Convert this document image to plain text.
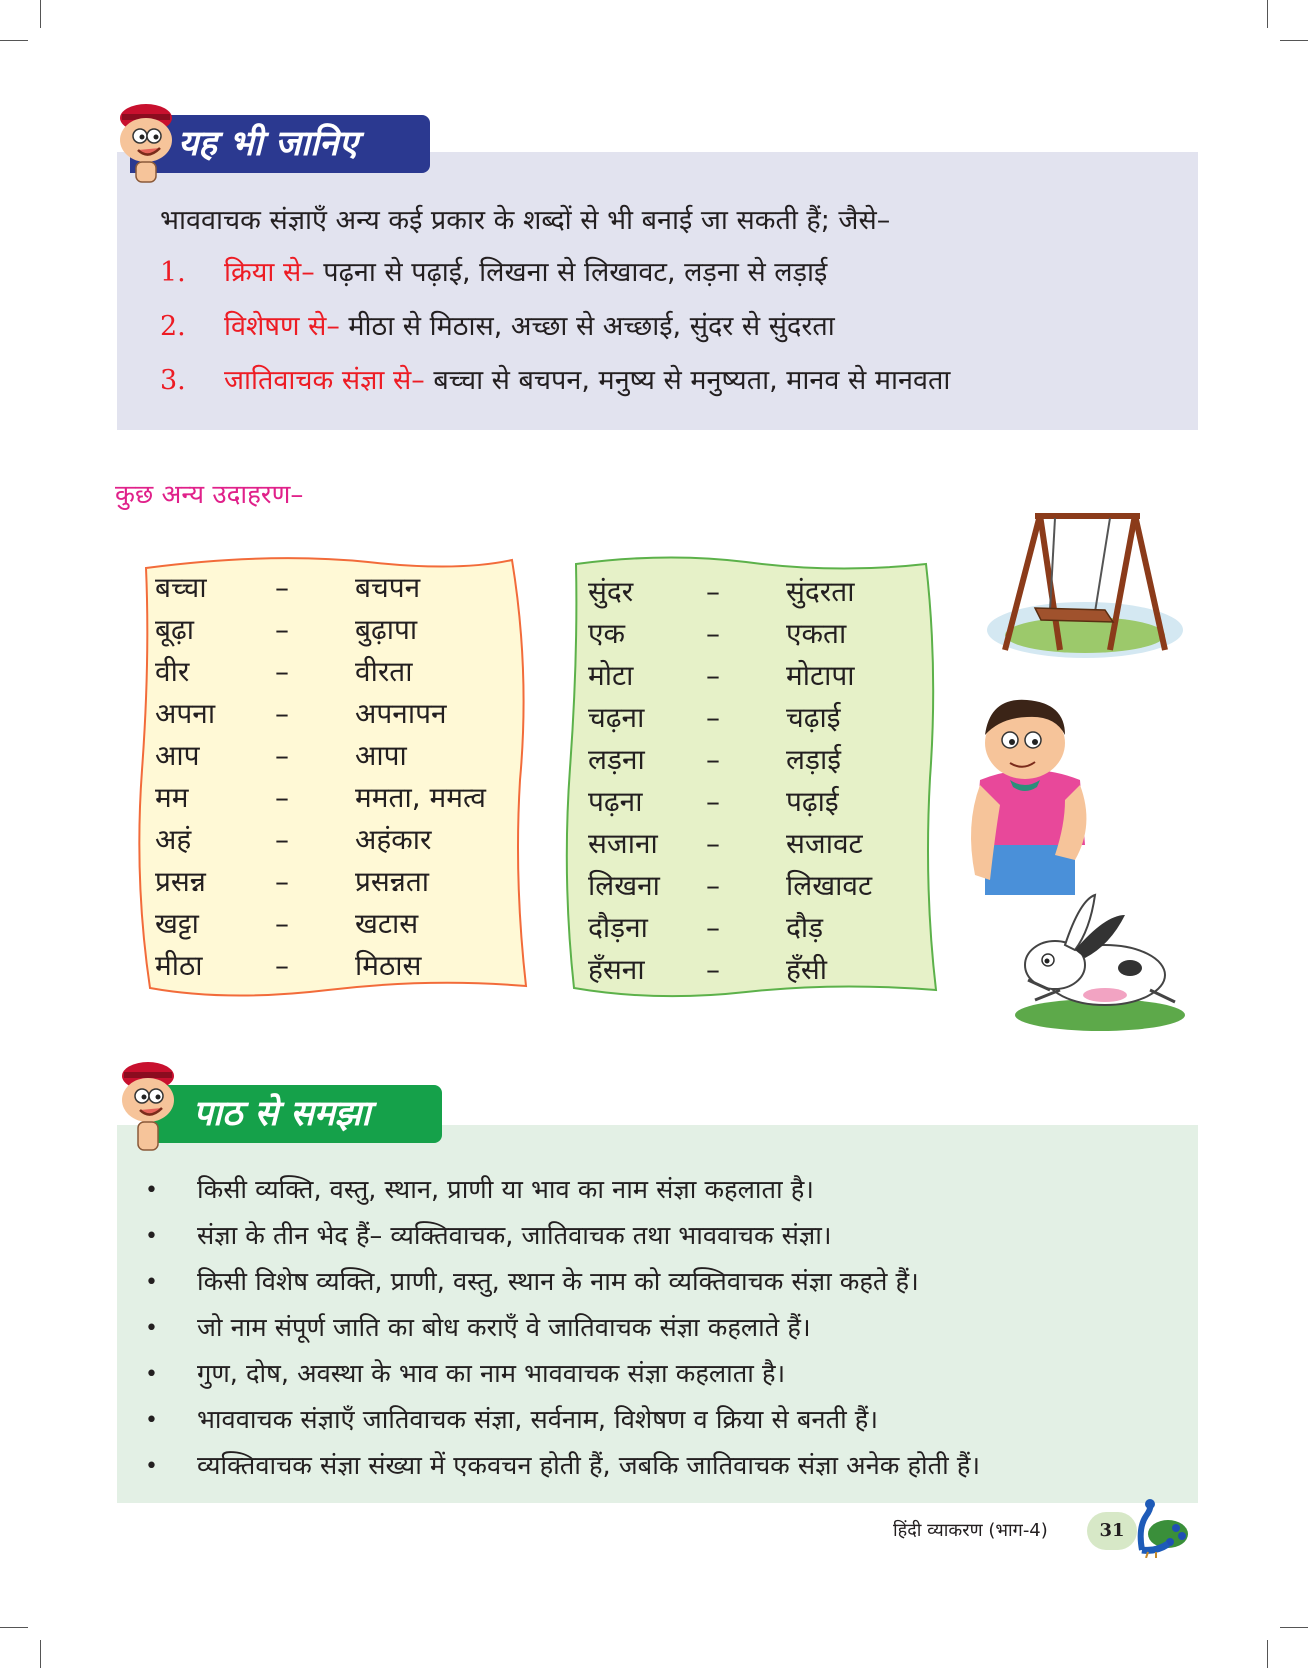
यह भी जानिए
भाववाचक संज्ञाएँ अन्य कई प्रकार के शब्दों से भी बनाई जा सकती हैं; जैसे–
1. क्रिया से– पढ़ना से पढ़ाई, लिखना से लिखावट, लड़ना से लड़ाई
2. विशेषण से– मीठा से मिठास, अच्छा से अच्छाई, सुंदर से सुंदरता
3. जातिवाचक संज्ञा से– बच्चा से बचपन, मनुष्य से मनुष्यता, मानव से मानवता
कुछ अन्य उदाहरण–
बच्चा – बचपन
बूढ़ा	– बुढ़ापा
वीर	– वीरता
अपना – अपनापन
आप	– आपा
मम	– ममता, ममत्व
अहं	– अहंकार
प्रसन्न – प्रसन्नता
खट्टा	– खटास
मीठा	– मिठास
सुंदर	– सुंदरता
एक	– एकता
मोटा	– मोटापा
चढ़ना – चढ़ाई
लड़ना – लड़ाई
पढ़ना – पढ़ाई
सजाना – सजावट
लिखना – लिखावट
दौड़ना – दौड़
हँसना – हँसी
पाठ से समझा
• किसी व्यक्ति, वस्तु, स्थान, प्राणी या भाव का नाम संज्ञा कहलाता है।
• संज्ञा के तीन भेद हैं– व्यक्तिवाचक, जातिवाचक तथा भाववाचक संज्ञा।
• किसी विशेष व्यक्ति, प्राणी, वस्तु, स्थान के नाम को व्यक्तिवाचक संज्ञा कहते हैं।
• जो नाम संपूर्ण जाति का बोध कराएँ वे जातिवाचक संज्ञा कहलाते हैं।
• गुण, दोष, अवस्था के भाव का नाम भाववाचक संज्ञा कहलाता है।
• भाववाचक संज्ञाएँ जातिवाचक संज्ञा, सर्वनाम, विशेषण व क्रिया से बनती हैं।
• व्यक्तिवाचक संज्ञा संख्या में एकवचन होती हैं, जबकि जातिवाचक संज्ञा अनेक होती हैं।
हिंदी व्याकरण (भाग-4)	31
